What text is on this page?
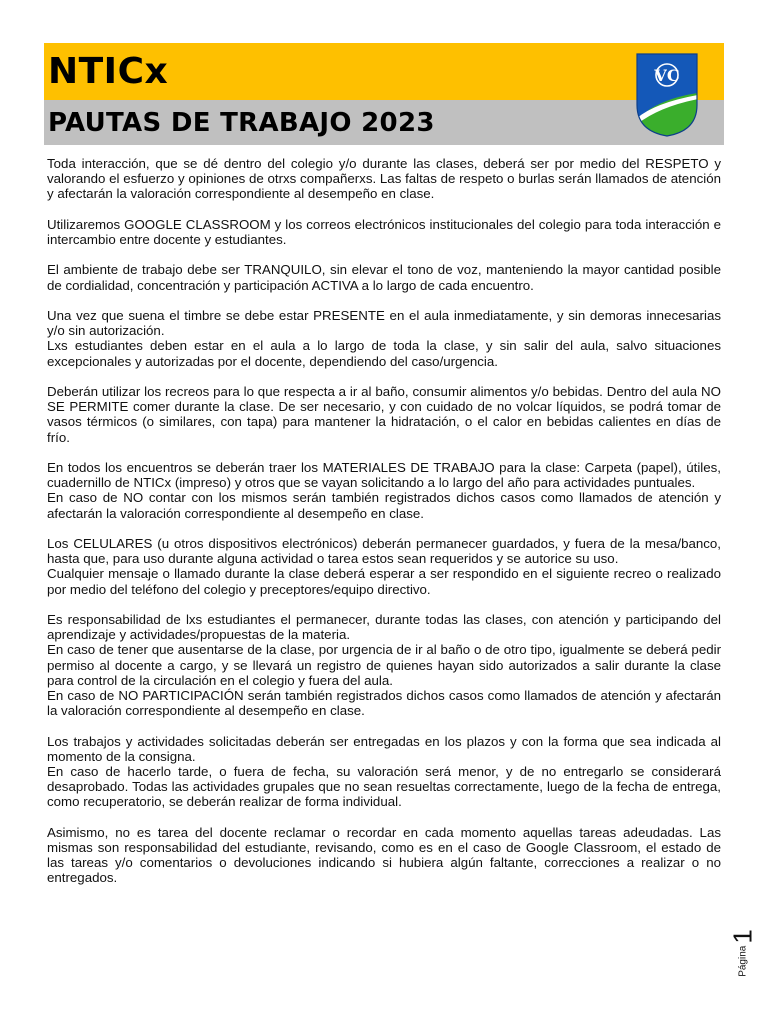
NTICx
PAUTAS DE TRABAJO 2023
VC

Toda interacción, que se dé dentro del colegio y/o durante las clases, deberá ser por medio del RESPETO y valorando el esfuerzo y opiniones de otrxs compañerxs. Las faltas de respeto o burlas serán llamados de atención y afectarán la valoración correspondiente al desempeño en clase.

Utilizaremos GOOGLE CLASSROOM y los correos electrónicos institucionales del colegio para toda interacción e intercambio entre docente y estudiantes.

El ambiente de trabajo debe ser TRANQUILO, sin elevar el tono de voz, manteniendo la mayor cantidad posible de cordialidad, concentración y participación ACTIVA a lo largo de cada encuentro.

Una vez que suena el timbre se debe estar PRESENTE en el aula inmediatamente, y sin demoras innecesarias y/o sin autorización.
Lxs estudiantes deben estar en el aula a lo largo de toda la clase, y sin salir del aula, salvo situaciones excepcionales y autorizadas por el docente, dependiendo del caso/urgencia.

Deberán utilizar los recreos para lo que respecta a ir al baño, consumir alimentos y/o bebidas. Dentro del aula NO SE PERMITE comer durante la clase. De ser necesario, y con cuidado de no volcar líquidos, se podrá tomar de vasos térmicos (o similares, con tapa) para mantener la hidratación, o el calor en bebidas calientes en días de frío.

En todos los encuentros se deberán traer los MATERIALES DE TRABAJO para la clase: Carpeta (papel), útiles, cuadernillo de NTICx (impreso) y otros que se vayan solicitando a lo largo del año para actividades puntuales.
En caso de NO contar con los mismos serán también registrados dichos casos como llamados de atención y afectarán la valoración correspondiente al desempeño en clase.

Los CELULARES (u otros dispositivos electrónicos) deberán permanecer guardados, y fuera de la mesa/banco, hasta que, para uso durante alguna actividad o tarea estos sean requeridos y se autorice su uso.
Cualquier mensaje o llamado durante la clase deberá esperar a ser respondido en el siguiente recreo o realizado por medio del teléfono del colegio y preceptores/equipo directivo.

Es responsabilidad de lxs estudiantes el permanecer, durante todas las clases, con atención y participando del aprendizaje y actividades/propuestas de la materia.
En caso de tener que ausentarse de la clase, por urgencia de ir al baño o de otro tipo, igualmente se deberá pedir permiso al docente a cargo, y se llevará un registro de quienes hayan sido autorizados a salir durante la clase para control de la circulación en el colegio y fuera del aula.
En caso de NO PARTICIPACIÓN serán también registrados dichos casos como llamados de atención y afectarán la valoración correspondiente al desempeño en clase.

Los trabajos y actividades solicitadas deberán ser entregadas en los plazos y con la forma que sea indicada al momento de la consigna.
En caso de hacerlo tarde, o fuera de fecha, su valoración será menor, y de no entregarlo se considerará desaprobado. Todas las actividades grupales que no sean resueltas correctamente, luego de la fecha de entrega, como recuperatorio, se deberán realizar de forma individual.

Asimismo, no es tarea del docente reclamar o recordar en cada momento aquellas tareas adeudadas. Las mismas son responsabilidad del estudiante, revisando, como es en el caso de Google Classroom, el estado de las tareas y/o comentarios o devoluciones indicando si hubiera algún faltante, correcciones a realizar o no entregados.

Página1
